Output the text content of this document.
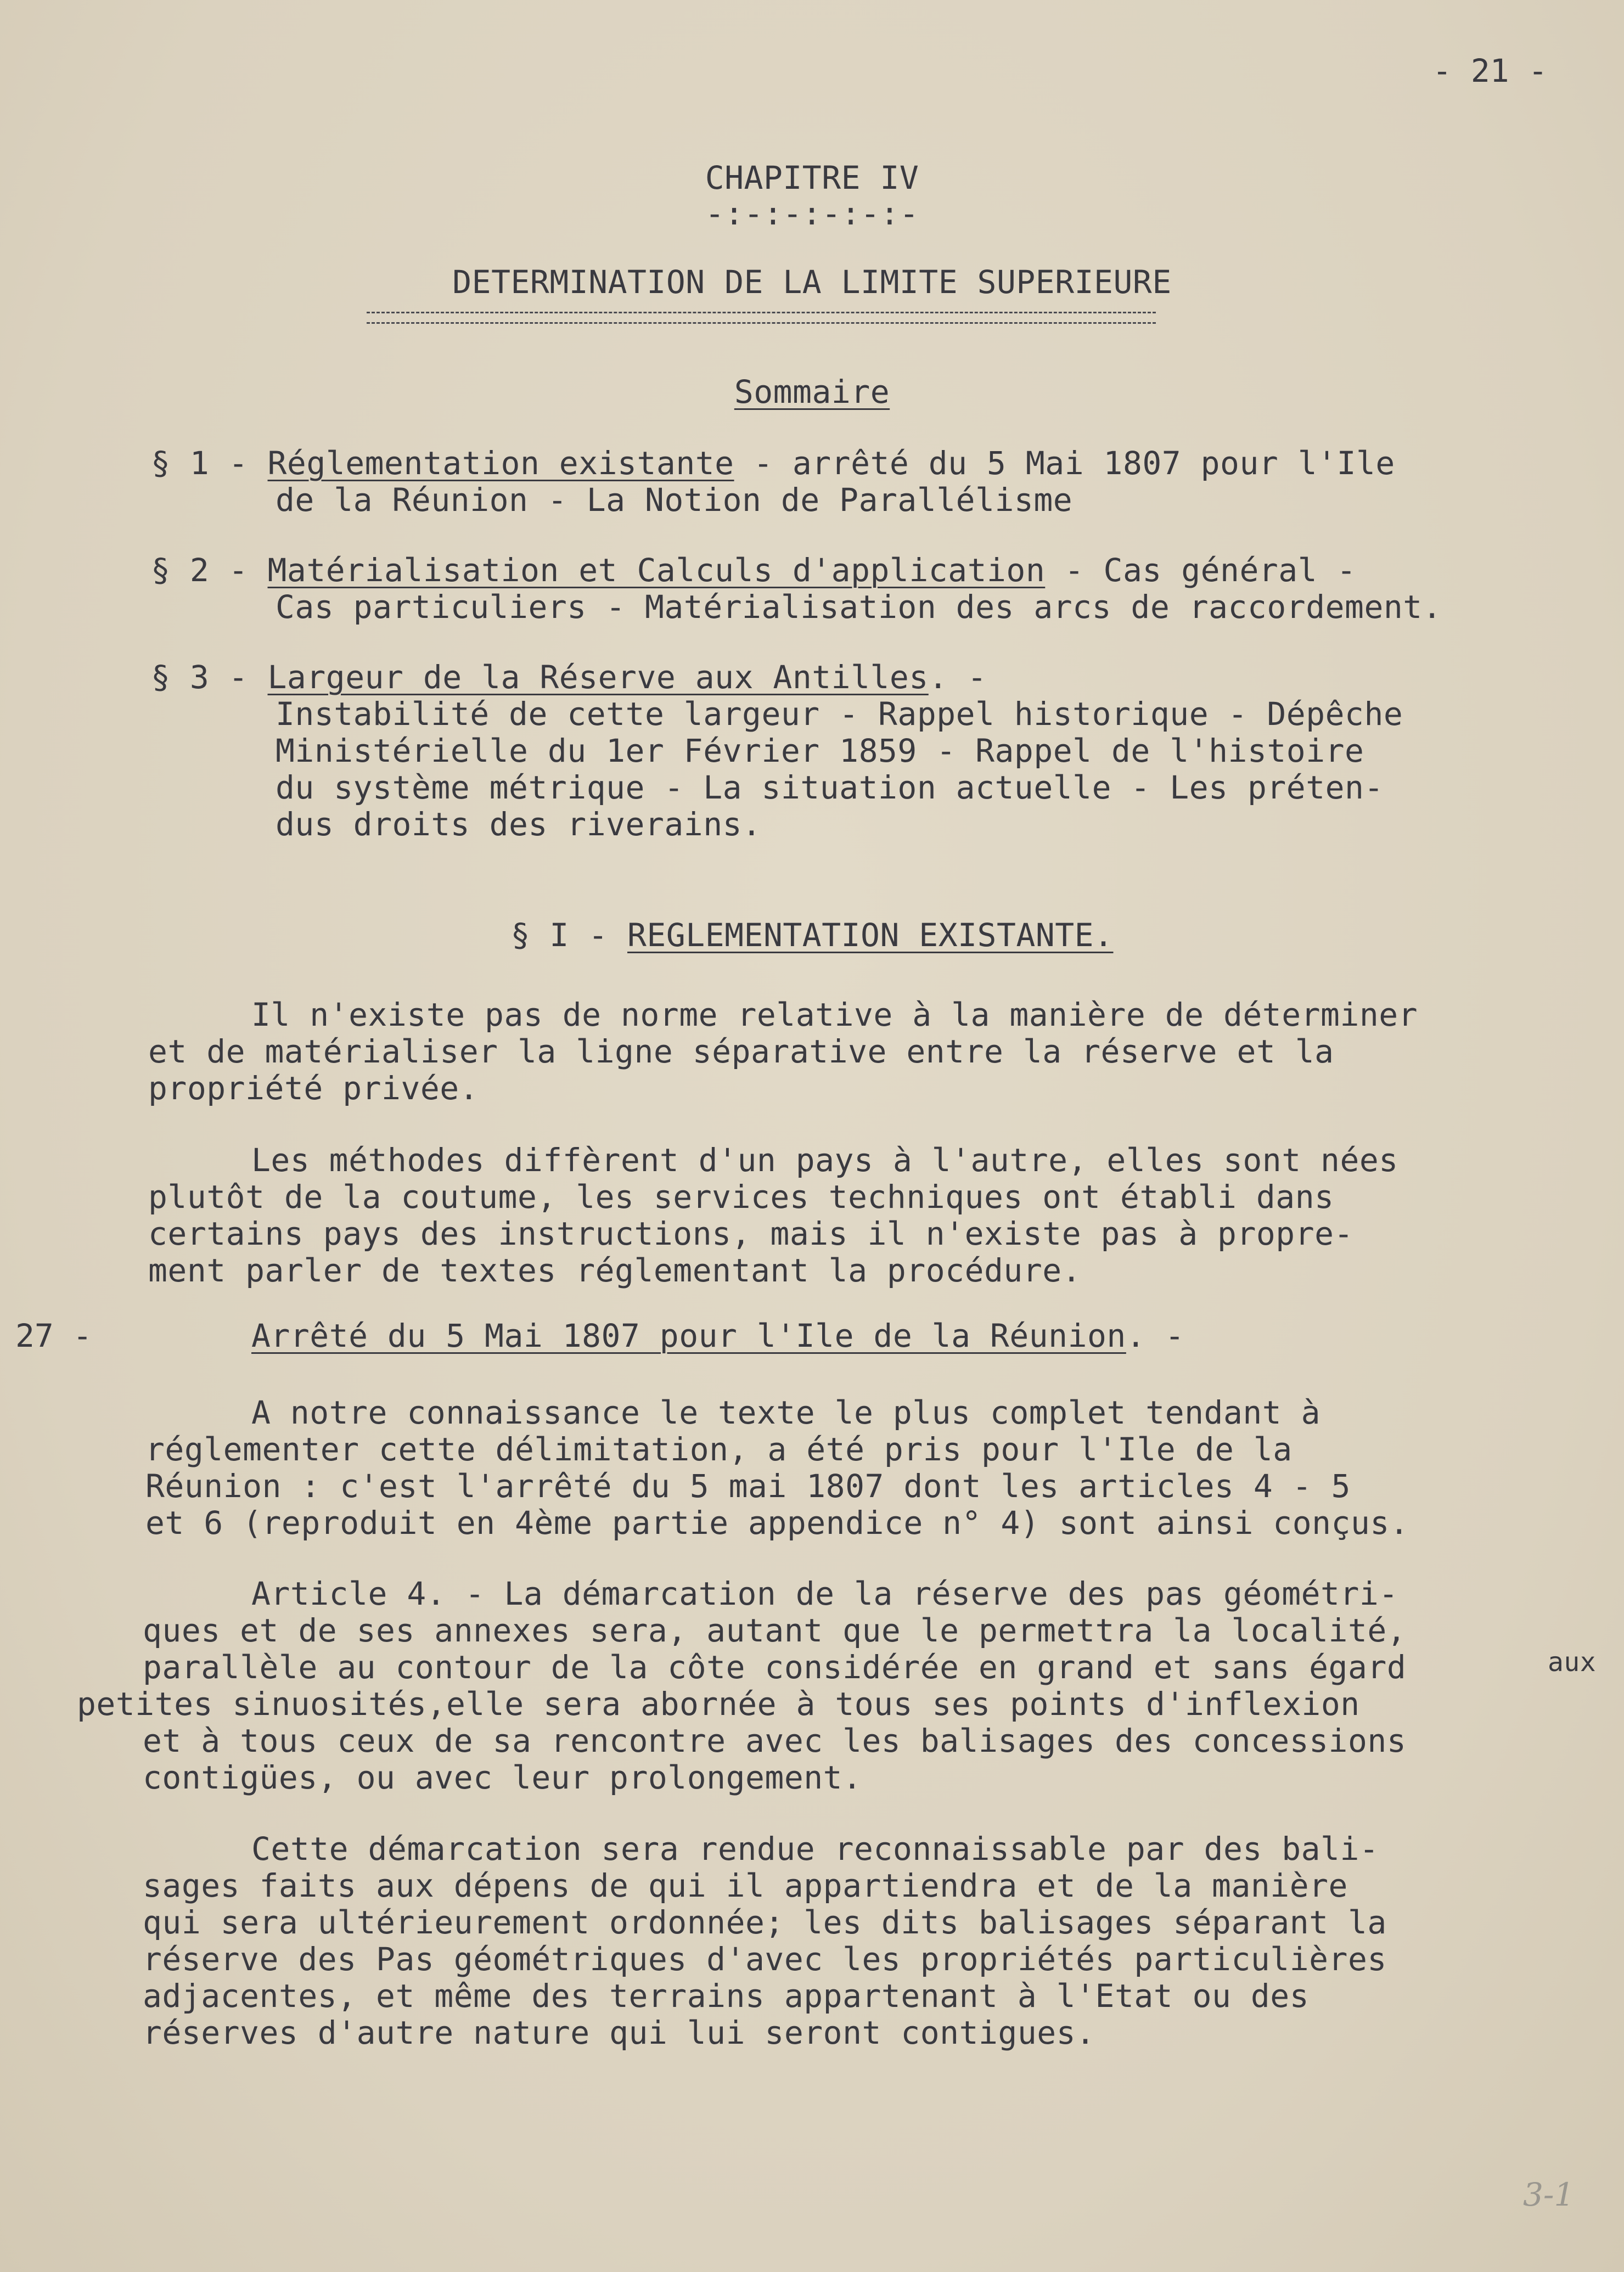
- 21 -
CHAPITRE IV
-:-:-:-:-:-
DETERMINATION DE LA LIMITE SUPERIEURE
Sommaire
§ 1 - Réglementation existante - arrêté du 5 Mai 1807 pour l'Ile
de la Réunion - La Notion de Parallélisme
§ 2 - Matérialisation et Calculs d'application - Cas général -
Cas particuliers - Matérialisation des arcs de raccordement.
§ 3 - Largeur de la Réserve aux Antilles. -
Instabilité de cette largeur - Rappel historique - Dépêche
Ministérielle du 1er Février 1859 - Rappel de l'histoire
du système métrique - La situation actuelle - Les préten-
dus droits des riverains.
§ I - REGLEMENTATION EXISTANTE.
Il n'existe pas de norme relative à la manière de déterminer
et de matérialiser la ligne séparative entre la réserve et la
propriété privée.
Les méthodes diffèrent d'un pays à l'autre, elles sont nées
plutôt de la coutume, les services techniques ont établi dans
certains pays des instructions, mais il n'existe pas à propre-
ment parler de textes réglementant la procédure.
27 -	Arrêté du 5 Mai 1807 pour l'Ile de la Réunion. -
A notre connaissance le texte le plus complet tendant à
réglementer cette délimitation, a été pris pour l'Ile de la
Réunion : c'est l'arrêté du 5 mai 1807 dont les articles 4 - 5
et 6 (reproduit en 4ème partie appendice n° 4) sont ainsi conçus.
Article 4. - La démarcation de la réserve des pas géométri-
ques et de ses annexes sera, autant que le permettra la localité,
parallèle au contour de la côte considérée en grand et sans égard
petites sinuosités,elle sera abornée à tous ses points d'inflexion
et à tous ceux de sa rencontre avec les balisages des concessions
contigües, ou avec leur prolongement.
aux
Cette démarcation sera rendue reconnaissable par des bali-
sages faits aux dépens de qui il appartiendra et de la manière
qui sera ultérieurement ordonnée; les dits balisages séparant la
réserve des Pas géométriques d'avec les propriétés particulières
adjacentes, et même des terrains appartenant à l'Etat ou des
réserves d'autre nature qui lui seront contigues.
3-1
